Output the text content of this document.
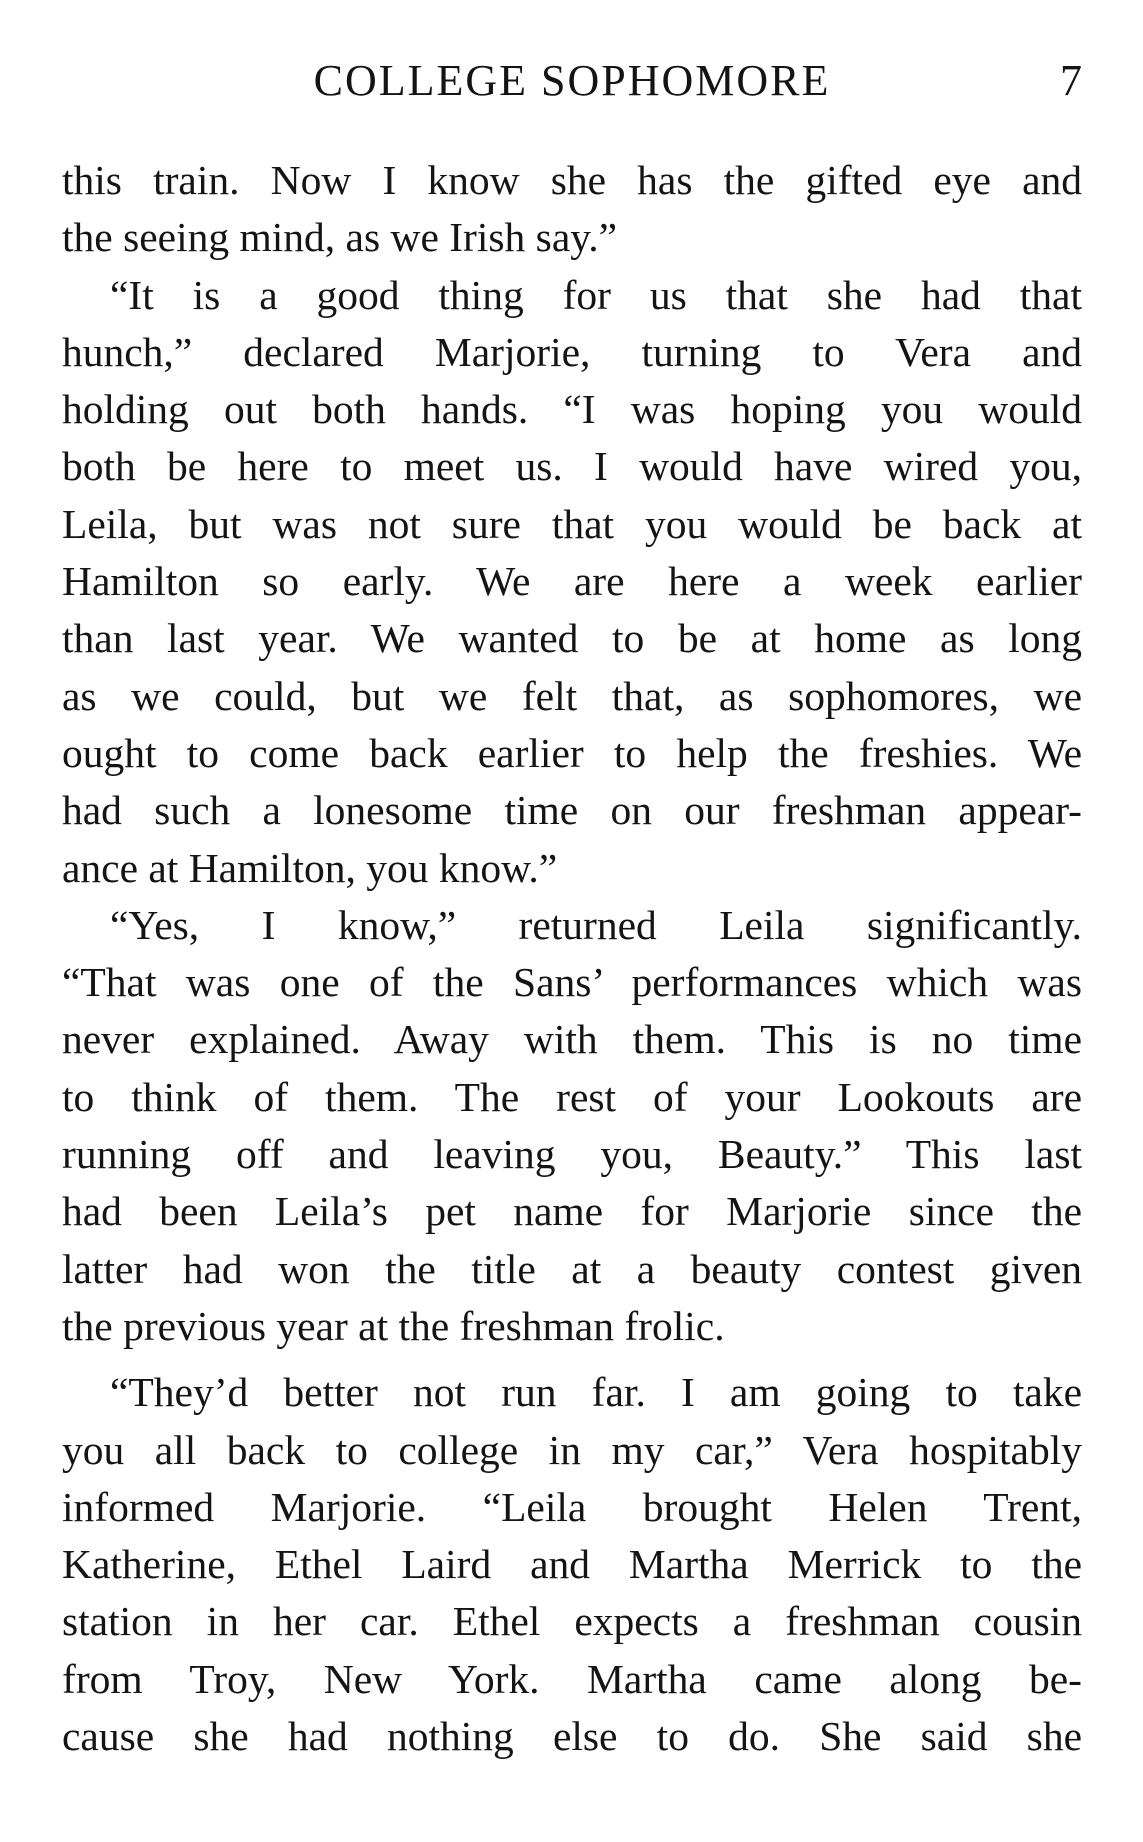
COLLEGE SOPHOMORE	7
this train. Now I know she has the gifted eye and
the seeing mind, as we Irish say.”
“It is a good thing for us that she had that
hunch,” declared Marjorie, turning to Vera and
holding out both hands. “I was hoping you would
both be here to meet us. I would have wired you,
Leila, but was not sure that you would be back at
Hamilton so early. We are here a week earlier
than last year. We wanted to be at home as long
as we could, but we felt that, as sophomores, we
ought to come back earlier to help the freshies. We
had such a lonesome time on our freshman appear-
ance at Hamilton, you know.”
“Yes, I know,” returned Leila significantly.
“That was one of the Sans’ performances which was
never explained. Away with them. This is no time
to think of them. The rest of your Lookouts are
running off and leaving you, Beauty.” This last
had been Leila’s pet name for Marjorie since the
latter had won the title at a beauty contest given
the previous year at the freshman frolic.
“They’d better not run far. I am going to take
you all back to college in my car,” Vera hospitably
informed Marjorie. “Leila brought Helen Trent,
Katherine, Ethel Laird and Martha Merrick to the
station in her car. Ethel expects a freshman cousin
from Troy, New York. Martha came along be-
cause she had nothing else to do. She said she
